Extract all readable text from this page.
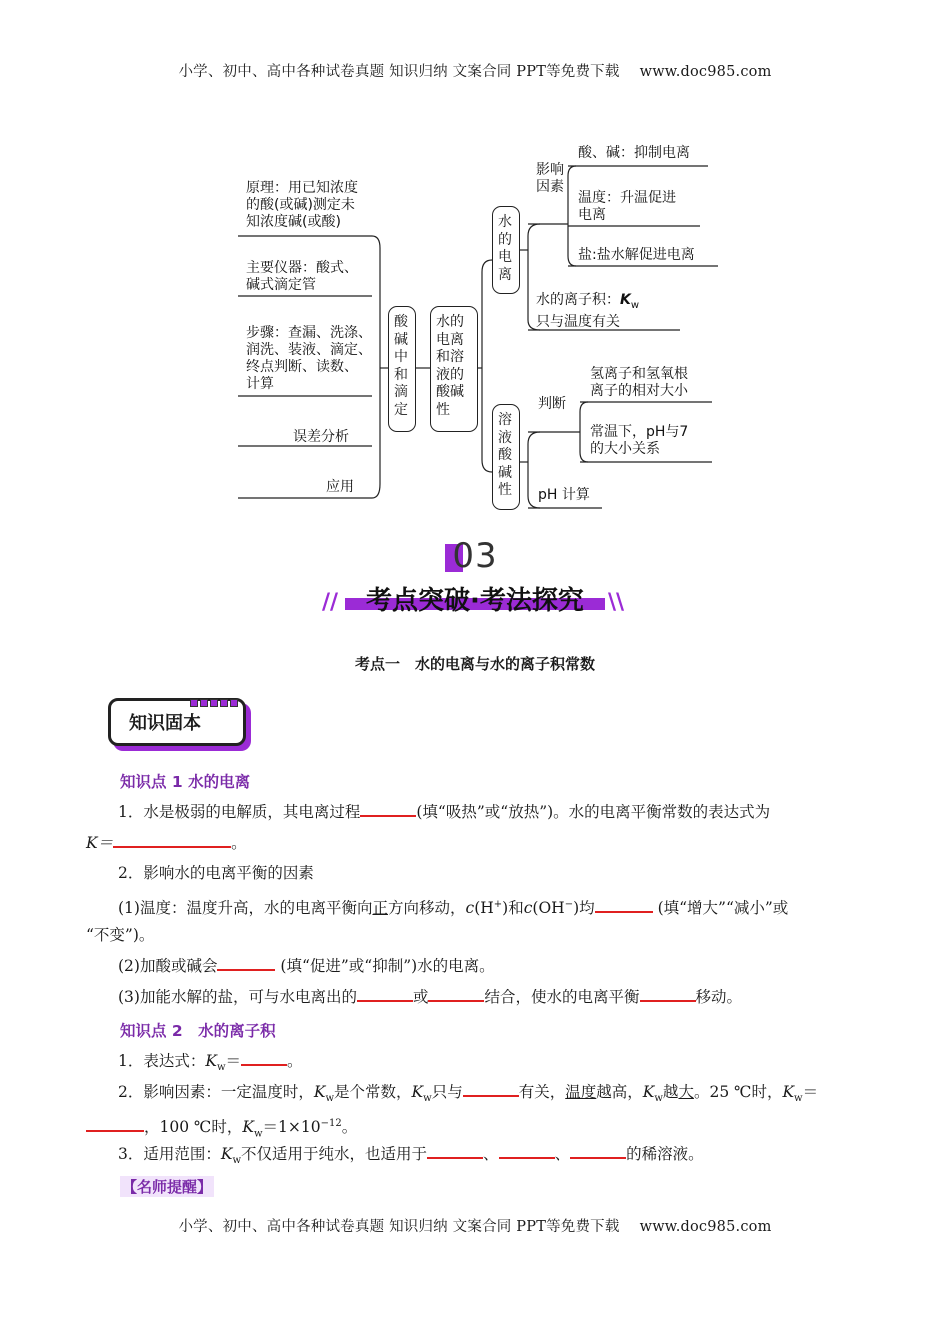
小学、初中、高中各种试卷真题 知识归纳 文案合同 PPT等免费下载 www.doc985.com
原理：用已知浓度
的酸(或碱)测定未
知浓度碱(或酸)
主要仪器：酸式、
碱式滴定管
步骤：查漏、洗涤、
润洗、装液、滴定、
终点判断、读数、
计算
误差分析
应用
酸
碱
中
和
滴
定
水的
电离
和溶
液的
酸碱
性
水
的
电
离
影响
因素
酸、碱：抑制电离
温度：升温促进
电离
盐:盐水解促进电离
水的离子积：$K_w$
只与温度有关
溶
液
酸
碱
性
判断
氢离子和氢氧根
离子的相对大小
常温下，pH与7
的大小关系
pH 计算
03
考点突破·考法探究
//	\\
考点一　水的电离与水的离子积常数
知识固本
知识点 1 水的电离
1．水是极弱的电解质，其电离过程	(填“吸热”或“放热”)。水的电离平衡常数的表达式为
K＝	。
2．影响水的电离平衡的因素
(1)温度：温度升高，水的电离平衡向正方向移动，c(H+)和c(OH−)均	(填“增大”“减小”或
“不变”)。
(2)加酸或碱会	(填“促进”或“抑制”)水的电离。
(3)加能水解的盐，可与水电离出的	或	结合，使水的电离平衡	移动。
知识点 2　水的离子积
1．表达式：$K_w=$	。
2．影响因素：一定温度时，$K_w$是个常数，$K_w$只与	有关，温度越高，$K_w$越大。25 ℃时，$K_w=$
，100 ℃时，$K_w=1\times 10^{-12}$。
3．适用范围：$K_w$不仅适用于纯水，也适用于	、	、	的稀溶液。
【名师提醒】
小学、初中、高中各种试卷真题 知识归纳 文案合同 PPT等免费下载 www.doc985.com
